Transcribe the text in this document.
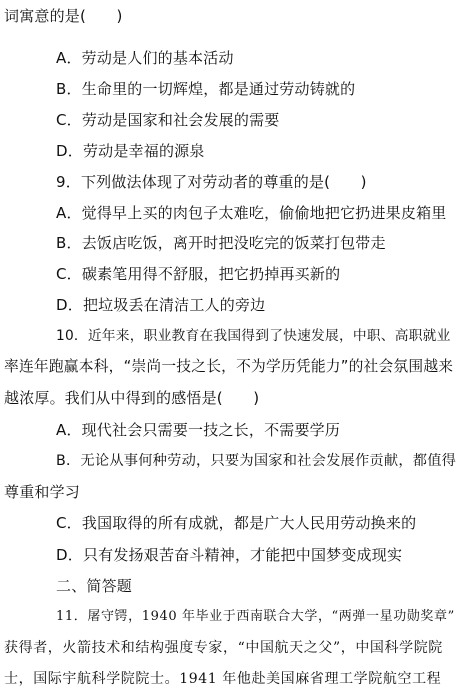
词寓意的是(　　)
A．劳动是人们的基本活动
B．生命里的一切辉煌，都是通过劳动铸就的
C．劳动是国家和社会发展的需要
D．劳动是幸福的源泉
9．下列做法体现了对劳动者的尊重的是(　　)
A．觉得早上买的肉包子太难吃，偷偷地把它扔进果皮箱里
B．去饭店吃饭，离开时把没吃完的饭菜打包带走
C．碳素笔用得不舒服，把它扔掉再买新的
D．把垃圾丢在清洁工人的旁边
10．近年来，职业教育在我国得到了快速发展，中职、高职就业
率连年跑赢本科，“崇尚一技之长，不为学历凭能力”的社会氛围越来
越浓厚。我们从中得到的感悟是(　　)
A．现代社会只需要一技之长，不需要学历
B．无论从事何种劳动，只要为国家和社会发展作贡献，都值得
尊重和学习
C．我国取得的所有成就，都是广大人民用劳动换来的
D．只有发扬艰苦奋斗精神，才能把中国梦变成现实
二、简答题
11．屠守锷，1940 年毕业于西南联合大学，“两弹一星功勋奖章”
获得者，火箭技术和结构强度专家，“中国航天之父”，中国科学院院
士，国际宇航科学院院士。1941 年他赴美国麻省理工学院航空工程
